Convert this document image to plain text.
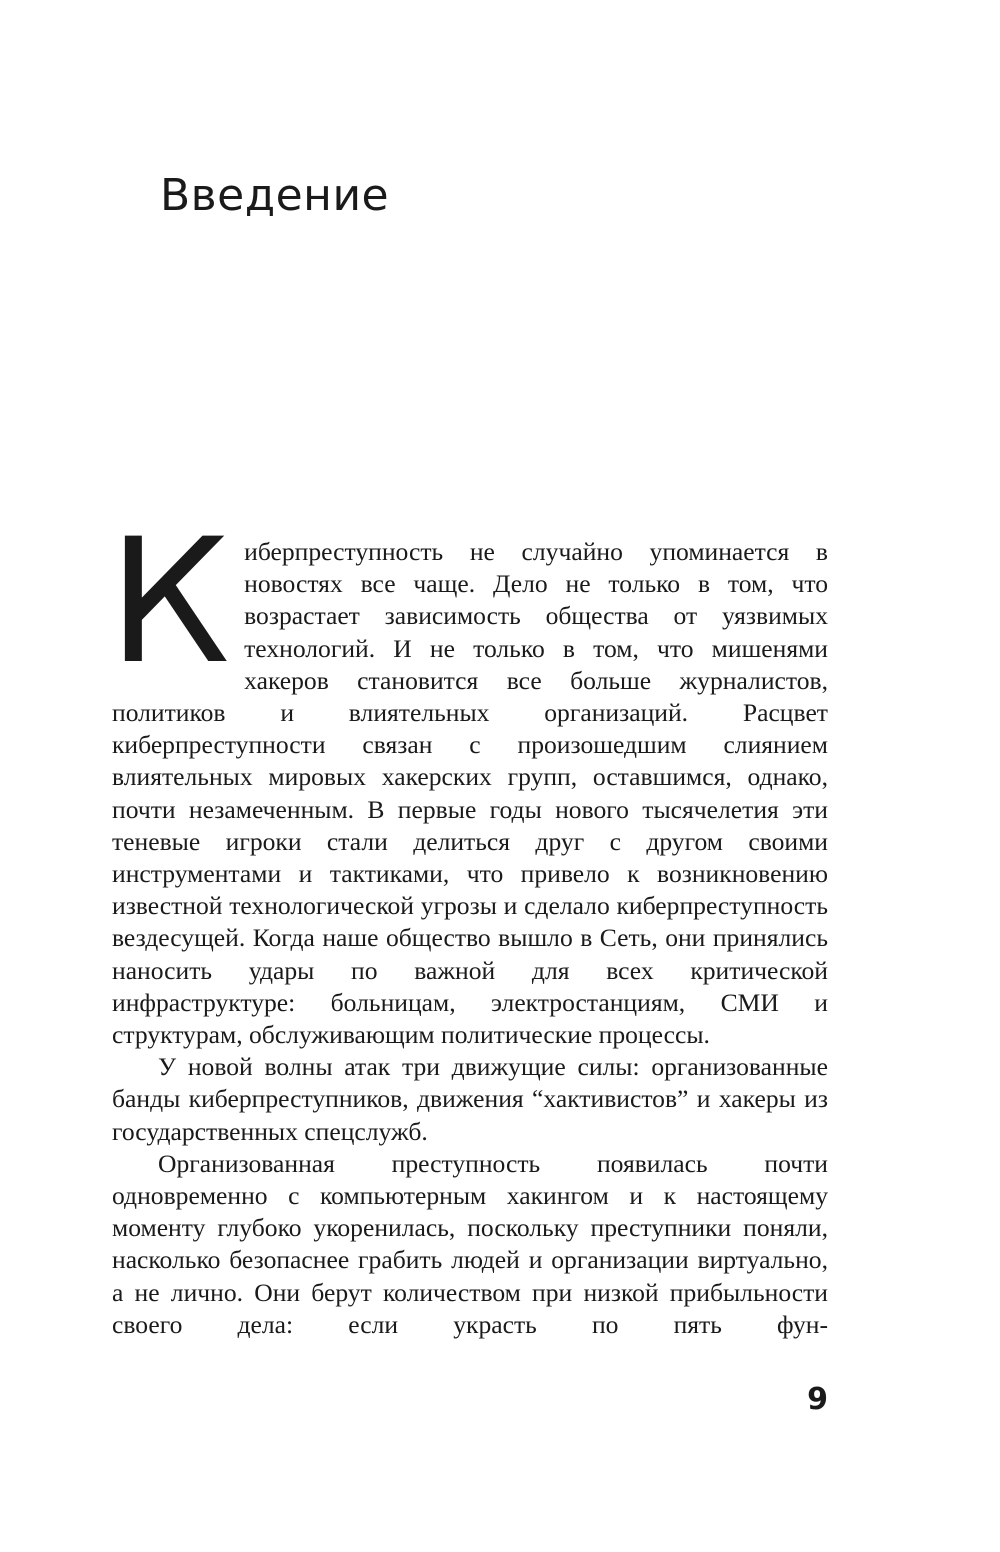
Введение

Киберпреступность не случайно упоминается в новостях все чаще. Дело не только в том, что возрастает зависимость общества от уязвимых технологий. И не только в том, что мишенями хакеров становится все больше журналистов, политиков и влиятельных организаций. Расцвет киберпреступности связан с произошедшим слиянием влиятельных мировых хакерских групп, оставшимся, однако, почти незамеченным. В первые годы нового тысячелетия эти теневые игроки стали делиться друг с другом своими инструментами и тактиками, что привело к возникновению известной технологической угрозы и сделало киберпреступность вездесущей. Когда наше общество вышло в Сеть, они принялись наносить удары по важной для всех критической инфраструктуре: больницам, электростанциям, СМИ и структурам, обслуживающим политические процессы.

У новой волны атак три движущие силы: организованные банды киберпреступников, движения “хактивистов” и хакеры из государственных спецслужб.

Организованная преступность появилась почти одновременно с компьютерным хакингом и к настоящему моменту глубоко укоренилась, поскольку преступники поняли, насколько безопаснее грабить людей и организации виртуально, а не лично. Они берут количеством при низкой прибыльности своего дела: если украсть по пять фун-

9
